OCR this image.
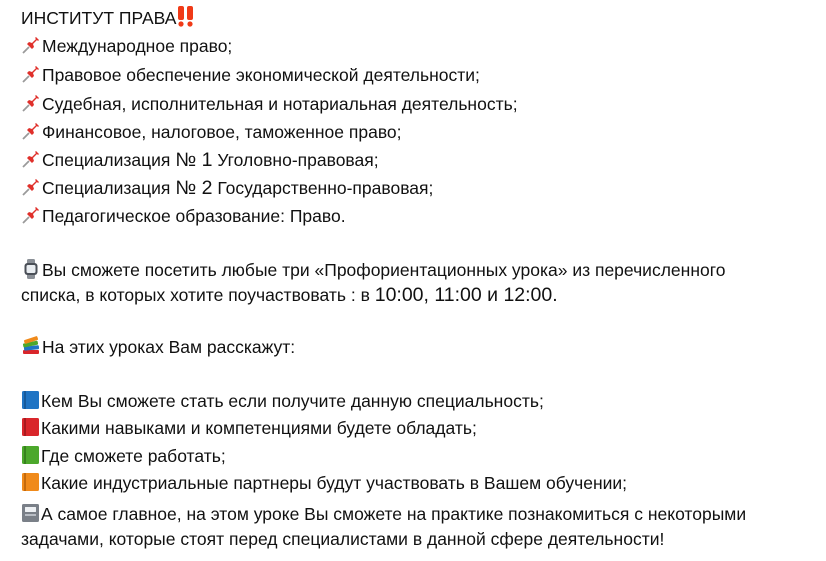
ИНСТИТУТ ПРАВА
Международное право;
Правовое обеспечение экономической деятельности;
Судебная, исполнительная и нотариальная деятельность;
Финансовое, налоговое, таможенное право;
Специализация № 1 Уголовно-правовая;
Специализация № 2 Государственно-правовая;
Педагогическое образование: Право.
Вы сможете посетить любые три «Профориентационных урока» из перечисленного
списка, в которых хотите поучаствовать : в 10:00, 11:00 и 12:00.
На этих уроках Вам расскажут:
Кем Вы сможете стать если получите данную специальность;
Какими навыками и компетенциями будете обладать;
Где сможете работать;
Какие индустриальные партнеры будут участвовать в Вашем обучении;
А самое главное, на этом уроке Вы сможете на практике познакомиться с некоторыми
задачами, которые стоят перед специалистами в данной сфере деятельности!
